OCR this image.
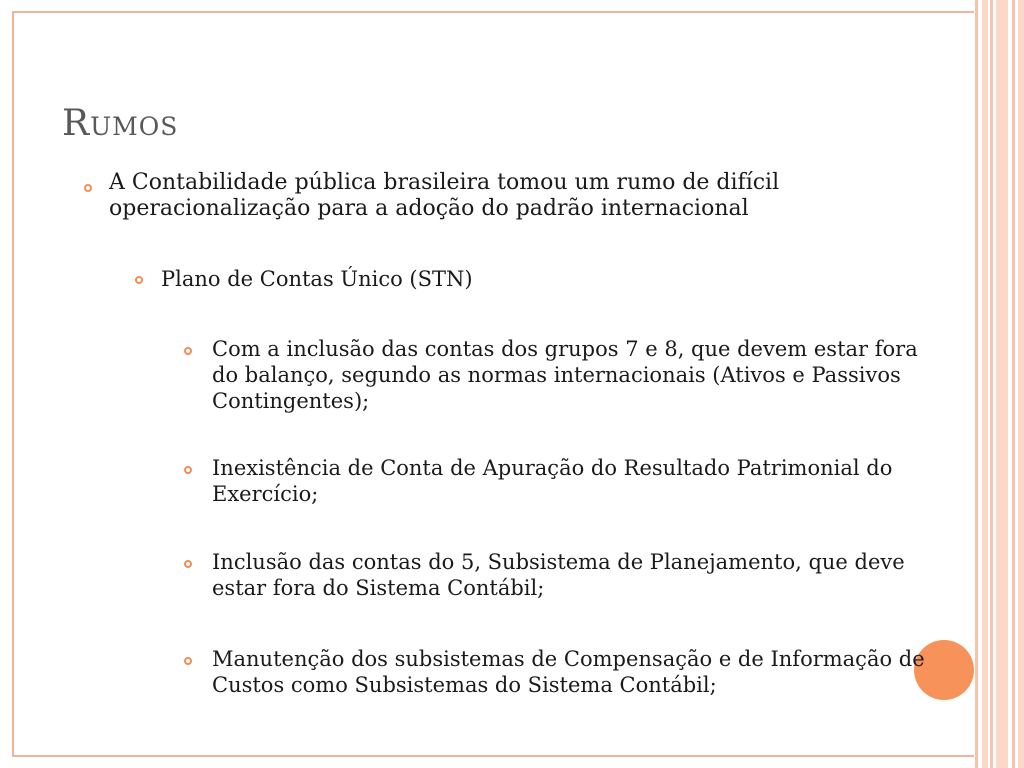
Rumos
A Contabilidade pública brasileira tomou um rumo de difícil operacionalização para a adoção do padrão internacional
Plano de Contas Único (STN)
Com a inclusão das contas dos grupos 7 e 8, que devem estar fora do balanço, segundo as normas internacionais (Ativos e Passivos Contingentes);
Inexistência de Conta de Apuração do Resultado Patrimonial do Exercício;
Inclusão das contas do 5, Subsistema de Planejamento, que deve estar fora do Sistema Contábil;
Manutenção dos subsistemas de Compensação e de Informação de Custos como Subsistemas do Sistema Contábil;
